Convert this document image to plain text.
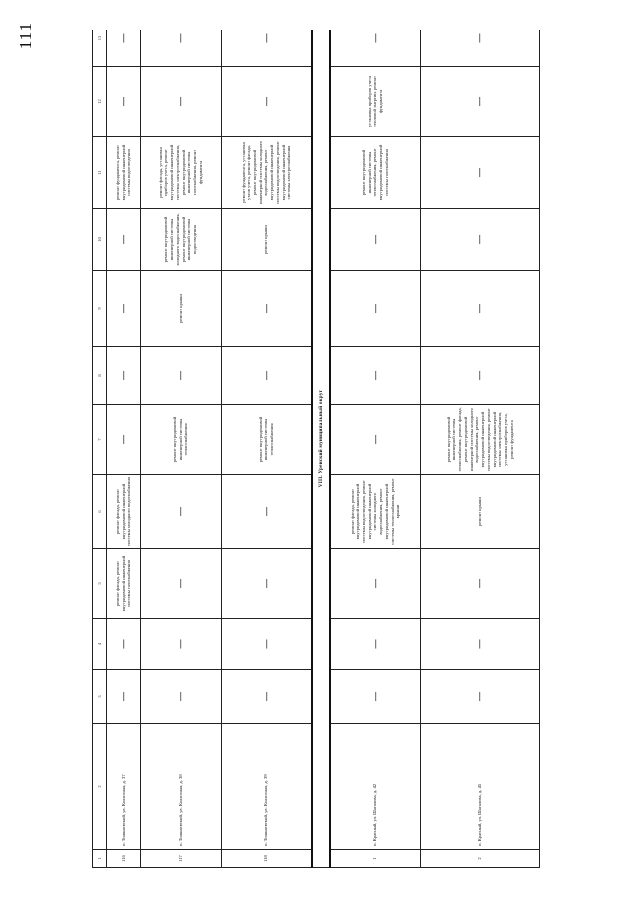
111
1	2	3	4	5	6	7	8	9	10	11	12	13
116	п. Тоншаевский, ул. Колхозная, д. 37	—	—	ремонт фасада, ремонт внутридомовой инженерной системы газоснабжения	ремонт фасада, ремонт внутридомовой инженерной системы холодного водоснабжения	—	—	—	—	ремонт фундамента, ремонт внутридомовой инженерной системы водоотведения	—	—
117	п. Тоншаевский, ул. Колхозная, д. 38	—	—	—	—	ремонт внутридомовой инженерной системы теплоснабжения	—	ремонт крыши	ремонт внутридомовой инженерной системы холодного водоснабжения, ремонт внутридомовой инженерной системы водоотведения	ремонт фасада, установка приборов учета, ремонт внутридомовой инженерной системы электроснабжения, ремонт внутридомовой инженерной системы газоснабжения, ремонт фундамента	—	—
118	п. Тоншаевский, ул. Колхозная, д. 39	—	—	—	—	ремонт внутридомовой инженерной системы теплоснабжения	—	—	ремонт крыши	ремонт фундамента, установка узлов учета, ремонт фасада, ремонт внутридомовой инженерной системы холодного водоснабжения, ремонт внутридомовой инженерной системы водоотведения, ремонт внутридомовой инженерной системы электроснабжения	—	—
VIII. Уренский муниципальный округ												
1	п. Красный, ул. Шагалова, д. 42	—	—	—	ремонт фасада, ремонт внутридомовой инженерной системы водоотведения, ремонт внутридомовой инженерной системы холодного водоснабжения, ремонт внутридомовой инженерной системы теплоснабжения, ремонт крыши	—	—	—	—	ремонт внутридомовой инженерной системы теплоснабжения, ремонт внутридомовой инженерной системы газоснабжения	установка приборов учета тепловой энергии, ремонт фундамента	—
2	п. Красный, ул. Шагалова, д. 45	—	—	—	ремонт крыши	ремонт внутридомовой инженерной системы теплоснабжения, ремонт фасада, ремонт внутридомовой инженерной системы холодного водоснабжения, ремонт внутридомовой инженерной системы водоотведения, ремонт внутридомовой инженерной системы электроснабжения, установка приборов учета, ремонт фундамента	—	—	—	—	—	—
